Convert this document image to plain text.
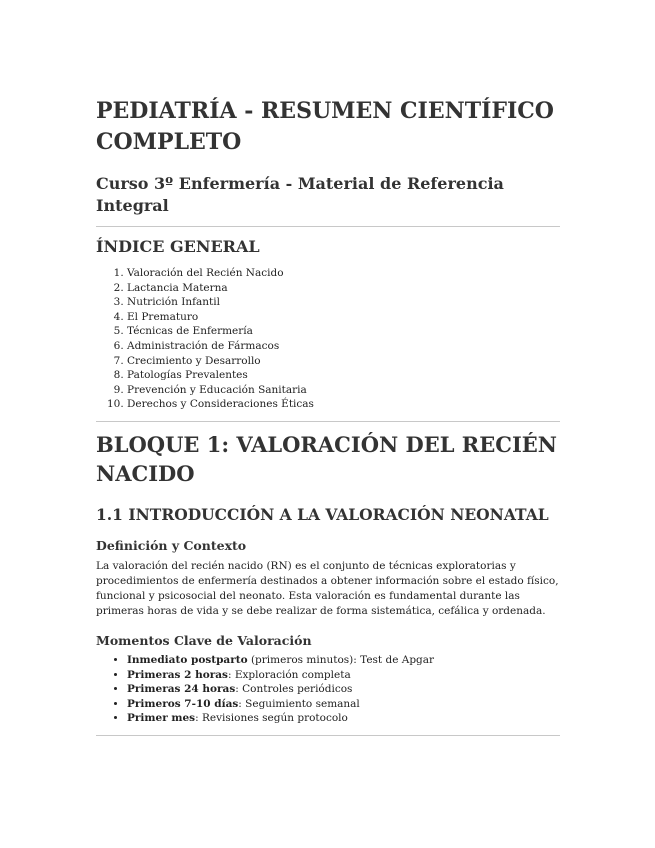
PEDIATRÍA - RESUMEN CIENTÍFICO COMPLETO
Curso 3º Enfermería - Material de Referencia Integral
ÍNDICE GENERAL
1. Valoración del Recién Nacido
2. Lactancia Materna
3. Nutrición Infantil
4. El Prematuro
5. Técnicas de Enfermería
6. Administración de Fármacos
7. Crecimiento y Desarrollo
8. Patologías Prevalentes
9. Prevención y Educación Sanitaria
10. Derechos y Consideraciones Éticas
BLOQUE 1: VALORACIÓN DEL RECIÉN NACIDO
1.1 INTRODUCCIÓN A LA VALORACIÓN NEONATAL
Definición y Contexto

La valoración del recién nacido (RN) es el conjunto de técnicas exploratorias y procedimientos de enfermería destinados a obtener información sobre el estado físico, funcional y psicosocial del neonato. Esta valoración es fundamental durante las primeras horas de vida y se debe realizar de forma sistemática, cefálica y ordenada.

Momentos Clave de Valoración
• Inmediato postparto (primeros minutos): Test de Apgar
• Primeras 2 horas: Exploración completa
• Primeras 24 horas: Controles periódicos
• Primeros 7-10 días: Seguimiento semanal
• Primer mes: Revisiones según protocolo
